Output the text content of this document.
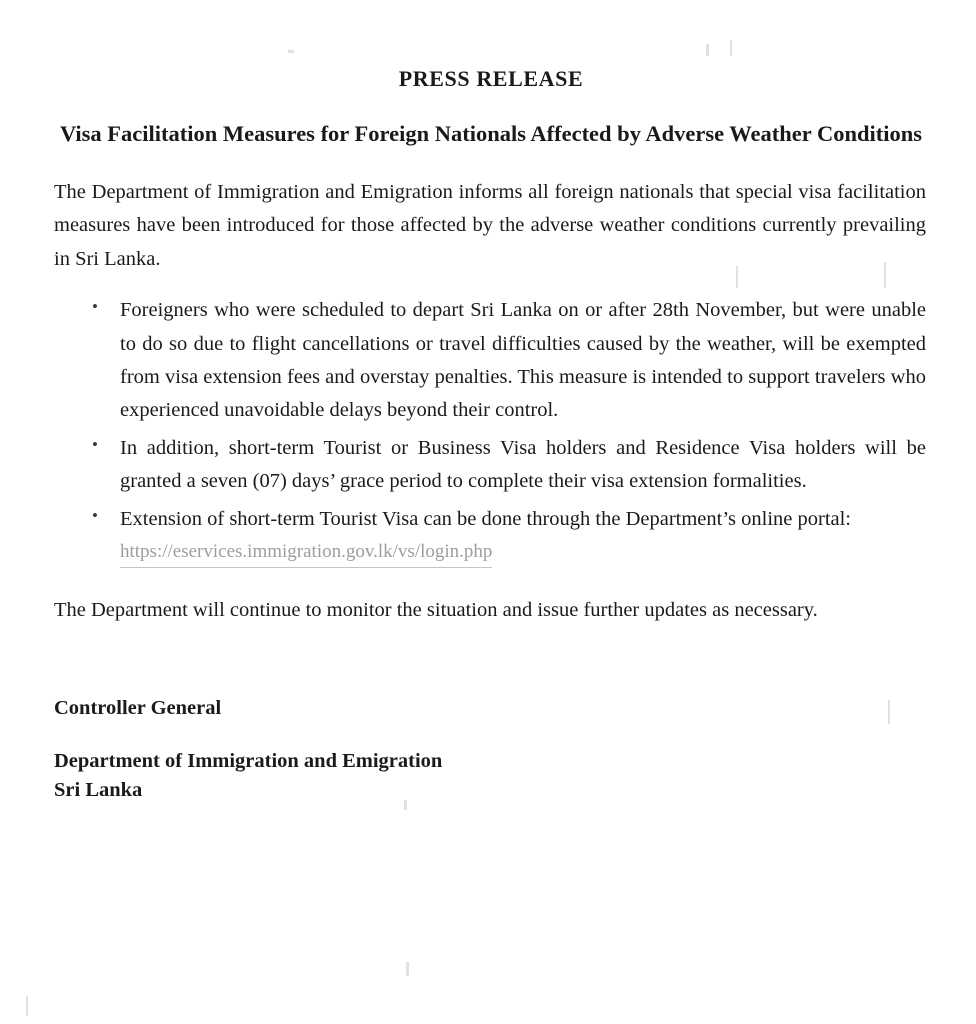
PRESS RELEASE
Visa Facilitation Measures for Foreign Nationals Affected by Adverse Weather Conditions

The Department of Immigration and Emigration informs all foreign nationals that special visa facilitation measures have been introduced for those affected by the adverse weather conditions currently prevailing in Sri Lanka.

• Foreigners who were scheduled to depart Sri Lanka on or after 28th November, but were unable to do so due to flight cancellations or travel difficulties caused by the weather, will be exempted from visa extension fees and overstay penalties. This measure is intended to support travelers who experienced unavoidable delays beyond their control.
• In addition, short-term Tourist or Business Visa holders and Residence Visa holders will be granted a seven (07) days’ grace period to complete their visa extension formalities.
• Extension of short-term Tourist Visa can be done through the Department’s online portal:
https://eservices.immigration.gov.lk/vs/login.php

The Department will continue to monitor the situation and issue further updates as necessary.

Controller General
Department of Immigration and Emigration
Sri Lanka
